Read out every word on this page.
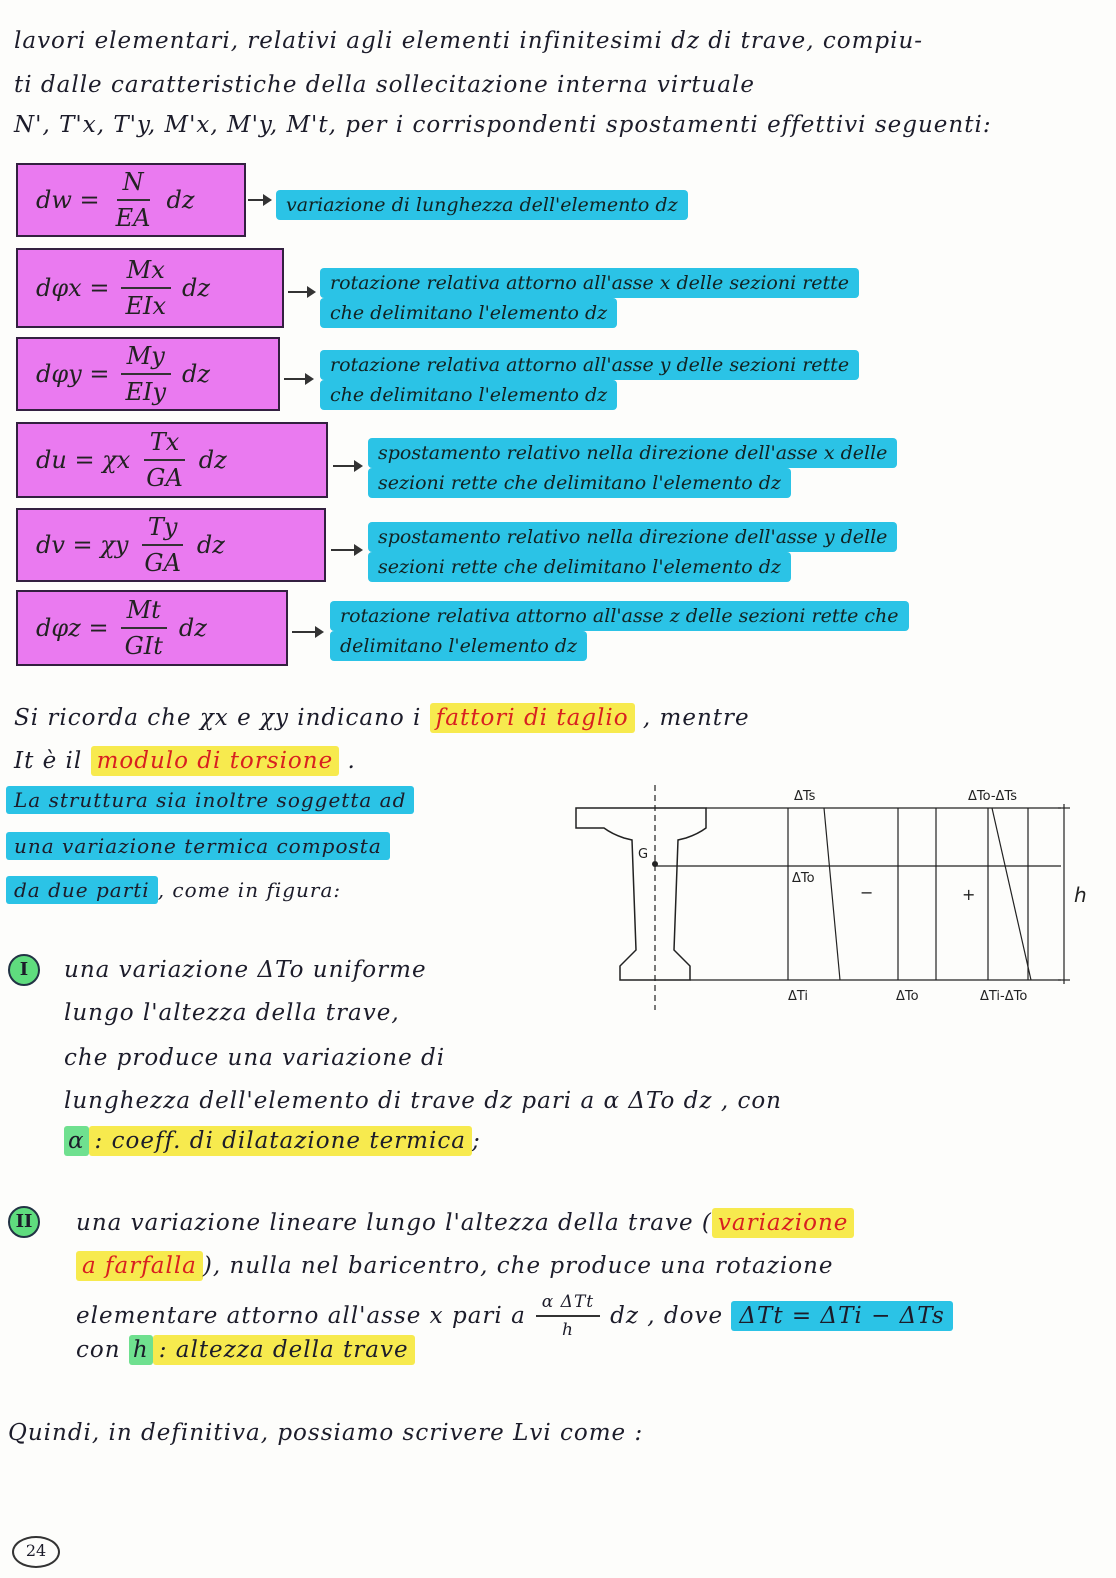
lavori elementari, relativi agli elementi infinitesimi dz di trave, compiu-
ti dalle caratteristiche della sollecitazione interna virtuale
N', T'x, T'y, M'x, M'y, M't, per i corrispondenti spostamenti effettivi seguenti:
dw = $\frac{N}{EA}$ dz	variazione di lunghezza dell'elemento dz
$d\varphi x = \frac{Mx}{\text{EIx}}$ dz	rotazione relativa attorno all'asse x delle sezioni rette
che delimitano l'elemento dz
$d\varphi y = \frac{My}{\text{EIy}}$ dz	rotazione relativa attorno all'asse y delle sezioni rette
che delimitano l'elemento dz
du = χx $\frac{Tx}{GA}$ dz	spostamento relativo nella direzione dell'asse x delle
sezioni rette che delimitano l'elemento dz
dv = χy $\frac{Ty}{GA}$ dz	spostamento relativo nella direzione dell'asse y delle
sezioni rette che delimitano l'elemento dz
$d\varphi z = \frac{Mt}{\text{GIt}}$ dz	rotazione relativa attorno all'asse z delle sezioni rette che
delimitano l'elemento dz
Si ricorda che χx e χy indicano i fattori di taglio , mentre
It è il modulo di torsione .
La struttura sia inoltre soggetta ad
una variazione termica composta
da due parti , come in figura:
G
ΔTs	ΔTo-ΔTs
ΔTo
−	+	h
ΔTi	ΔTo	ΔTi-ΔTo
I	una variazione ΔTo uniforme
lungo l'altezza della trave,
che produce una variazione di
lunghezza dell'elemento di trave dz pari a α ΔTo dz , con
α : coeff. di dilatazione termica ;
II	una variazione lineare lungo l'altezza della trave ( variazione
a farfalla ), nulla nel baricentro, che produce una rotazione
elementare attorno all'asse x pari a $\frac{\text{α ΔTt}}{h}$ dz , dove
ΔTt = ΔTi − ΔTs
con h : altezza della trave
Quindi, in definitiva, possiamo scrivere Lvi come :
24
